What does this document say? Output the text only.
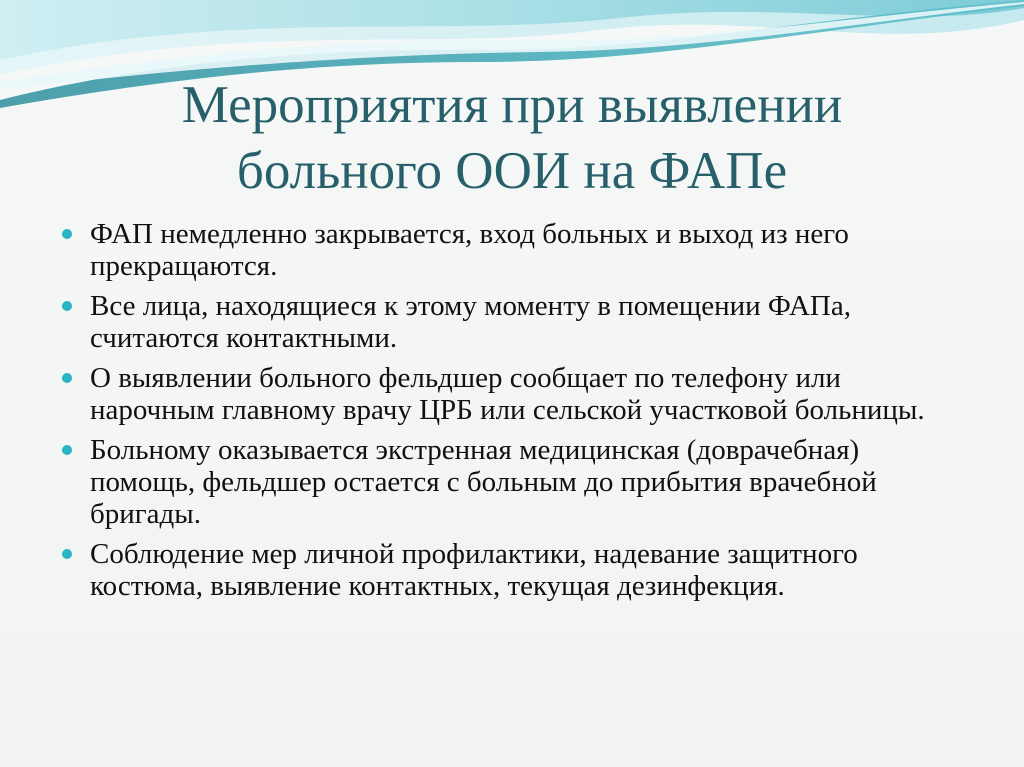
Мероприятия при выявлении
больного ООИ на ФАПе
ФАП немедленно закрывается, вход больных и выход из него прекращаются.
Все лица, находящиеся к этому моменту в помещении ФАПа, считаются контактными.
О выявлении больного фельдшер сообщает по телефону или нарочным главному врачу ЦРБ или сельской участковой больницы.
Больному оказывается экстренная медицинская (доврачебная) помощь, фельдшер остается с больным до прибытия врачебной бригады.
Соблюдение мер личной профилактики, надевание защитного костюма, выявление контактных, текущая дезинфекция.
